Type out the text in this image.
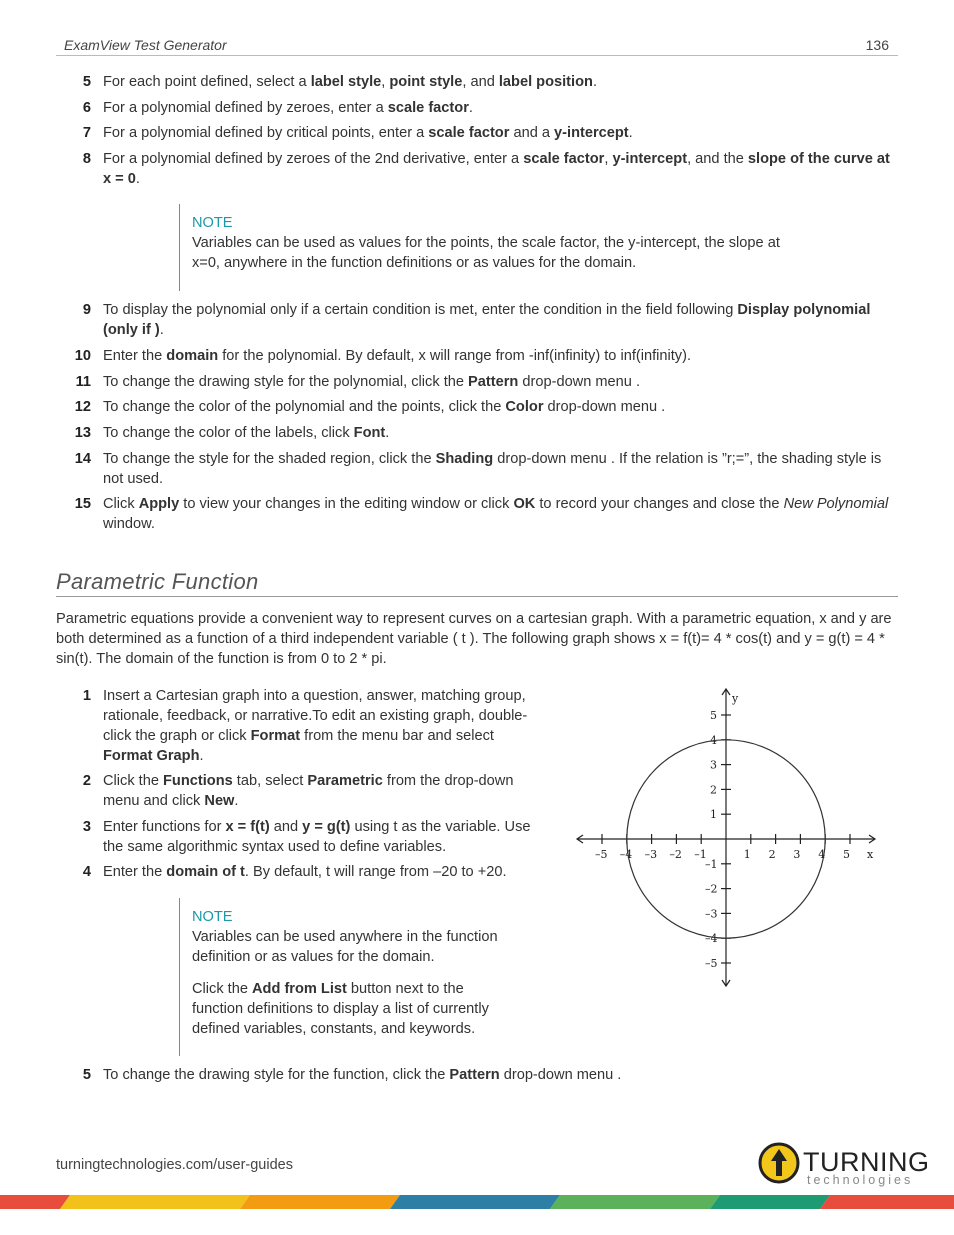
ExamView Test Generator	136
5 For each point defined, select a label style, point style, and label position.
6 For a polynomial defined by zeroes, enter a scale factor.
7 For a polynomial defined by critical points, enter a scale factor and a y-intercept.
8 For a polynomial defined by zeroes of the 2nd derivative, enter a scale factor, y-intercept, and the slope of the curve at x = 0.
NOTE

Variables can be used as values for the points, the scale factor, the y-intercept, the slope at x=0, anywhere in the function definitions or as values for the domain.

9 To display the polynomial only if a certain condition is met, enter the condition in the field following Display polynomial (only if ).
10 Enter the domain for the polynomial. By default, x will range from -inf(infinity) to inf(infinity).
11 To change the drawing style for the polynomial, click the Pattern drop-down menu .
12 To change the color of the polynomial and the points, click the Color drop-down menu .
13 To change the color of the labels, click Font.
14 To change the style for the shaded region, click the Shading drop-down menu . If the relation is ”r;=”, the shading style is not used.
15 Click Apply to view your changes in the editing window or click OK to record your changes and close the New Polynomial window.
Parametric Function
Parametric equations provide a convenient way to represent curves on a cartesian graph. With a parametric equation, x and y are both determined as a function of a third independent variable ( t ). The following graph shows x = f(t)= 4 * cos(t) and y = g(t) = 4 * sin(t). The domain of the function is from 0 to 2 * pi.
1 Insert a Cartesian graph into a question, answer, matching group, rationale, feedback, or narrative.To edit an existing graph, double-click the graph or click Format from the menu bar and select Format Graph.
2 Click the Functions tab, select Parametric from the drop-down menu and click New.
3 Enter functions for x = f(t) and y = g(t) using t as the variable. Use the same algorithmic syntax used to define variables.
4 Enter the domain of t. By default, t will range from –20 to +20.
NOTE

Variables can be used anywhere in the function definition or as values for the domain.

Click the Add from List button next to the function definitions to display a list of currently defined variables, constants, and keywords.

5 To change the drawing style for the function, click the Pattern drop-down menu .
–5 –4 –3 –2 –1	1 2 3 4 5
5
4
3
2
1
–1
–2
–3
–4
–5
x
y
turningtechnologies.com/user-guides	TURNING
technologies
